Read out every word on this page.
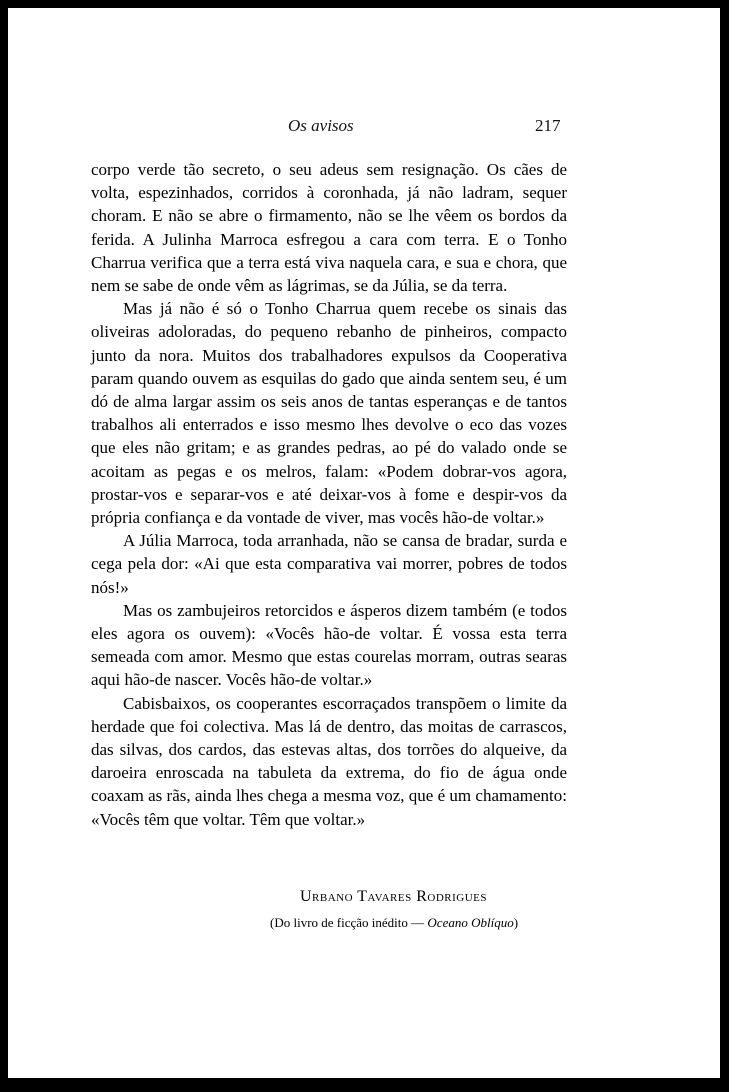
Os avisos	217

corpo verde tão secreto, o seu adeus sem resignação. Os cães de volta, espezinhados, corridos à coronhada, já não ladram, sequer choram. E não se abre o firmamento, não se lhe vêem os bordos da ferida. A Julinha Marroca esfregou a cara com terra. E o Tonho Charrua verifica que a terra está viva naquela cara, e sua e chora, que nem se sabe de onde vêm as lágrimas, se da Júlia, se da terra.

Mas já não é só o Tonho Charrua quem recebe os sinais das oliveiras adoloradas, do pequeno rebanho de pinheiros, compacto junto da nora. Muitos dos trabalhadores expulsos da Cooperativa param quando ouvem as esquilas do gado que ainda sentem seu, é um dó de alma largar assim os seis anos de tantas esperanças e de tantos trabalhos ali enterrados e isso mesmo lhes devolve o eco das vozes que eles não gritam; e as grandes pedras, ao pé do valado onde se acoitam as pegas e os melros, falam: «Podem dobrar-vos agora, prostar-vos e separar-vos e até deixar-vos à fome e despir-vos da própria confiança e da vontade de viver, mas vocês hão-de voltar.»

A Júlia Marroca, toda arranhada, não se cansa de bradar, surda e cega pela dor: «Ai que esta comparativa vai morrer, pobres de todos nós!»

Mas os zambujeiros retorcidos e ásperos dizem também (e todos eles agora os ouvem): «Vocês hão-de voltar. É vossa esta terra semeada com amor. Mesmo que estas courelas morram, outras searas aqui hão-de nascer. Vocês hão-de voltar.»

Cabisbaixos, os cooperantes escorraçados transpõem o limite da herdade que foi colectiva. Mas lá de dentro, das moitas de carrascos, das silvas, dos cardos, das estevas altas, dos torrões do alqueive, da daroeira enroscada na tabuleta da extrema, do fio de água onde coaxam as rãs, ainda lhes chega a mesma voz, que é um chamamento: «Vocês têm que voltar. Têm que voltar.»

Urbano Tavares Rodrigues
(Do livro de ficção inédito — Oceano Oblíquo)
